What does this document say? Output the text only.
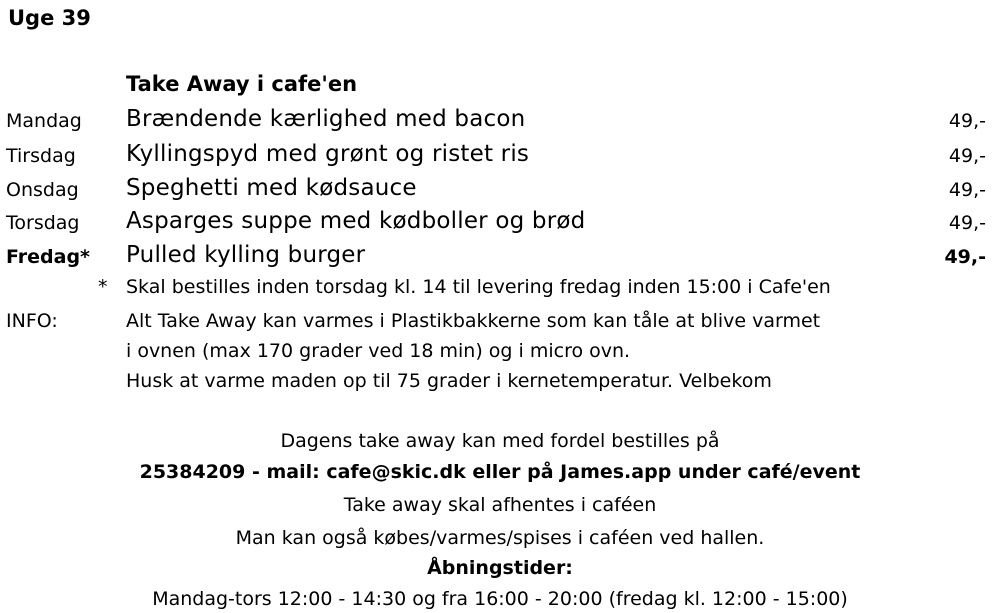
Uge 39
Take Away i cafe'en
Mandag Brændende kærlighed med bacon	49,-
Tirsdag Kyllingspyd med grønt og ristet ris	49,-
Onsdag Speghetti med kødsauce	49,-
Torsdag Asparges suppe med kødboller og brød	49,-
Fredag* Pulled kylling burger	49,-
* Skal bestilles inden torsdag kl. 14 til levering fredag inden 15:00 i Cafe'en
INFO:	Alt Take Away kan varmes i Plastikbakkerne som kan tåle at blive varmet
i ovnen (max 170 grader ved 18 min) og i micro ovn.
Husk at varme maden op til 75 grader i kernetemperatur. Velbekom
Dagens take away kan med fordel bestilles på
25384209 - mail: cafe@skic.dk eller på James.app under café/event
Take away skal afhentes i caféen
Man kan også købes/varmes/spises i caféen ved hallen.
Åbningstider:
Mandag-tors 12:00 - 14:30 og fra 16:00 - 20:00 (fredag kl. 12:00 - 15:00)
